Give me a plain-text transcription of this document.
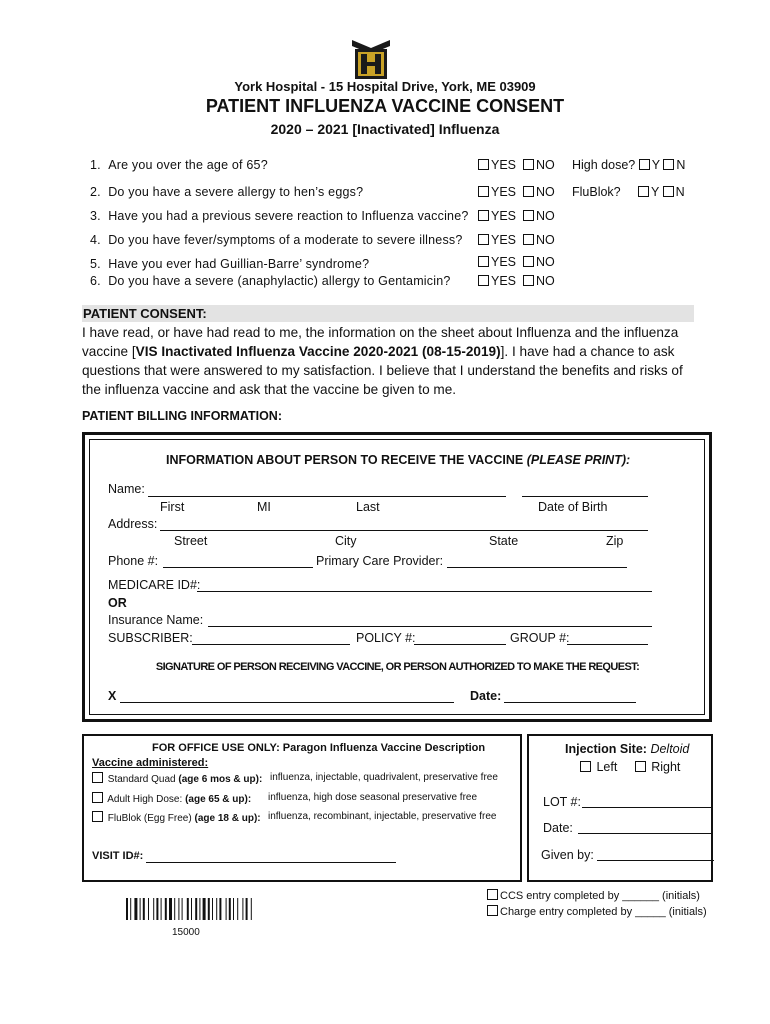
York Hospital - 15 Hospital Drive, York, ME 03909
PATIENT INFLUENZA VACCINE CONSENT
2020 – 2021 [Inactivated] Influenza
1. Are you over the age of 65?	YES NO High dose? Y N
2. Do you have a severe allergy to hen’s eggs?	YES NO FluBlok? Y N
3. Have you had a previous severe reaction to Influenza vaccine?	YES NO
4. Do you have fever/symptoms of a moderate to severe illness?	YES NO
5. Have you ever had Guillian-Barre’ syndrome?	YES NO
6. Do you have a severe (anaphylactic) allergy to Gentamicin?	YES NO
PATIENT CONSENT:
I have read, or have had read to me, the information on the sheet about Influenza and the influenza vaccine [VIS Inactivated Influenza Vaccine 2020-2021 (08-15-2019)]. I have had a chance to ask questions that were answered to my satisfaction. I believe that I understand the benefits and risks of the influenza vaccine and ask that the vaccine be given to me.
PATIENT BILLING INFORMATION:
INFORMATION ABOUT PERSON TO RECEIVE THE VACCINE (PLEASE PRINT):
Name:
First	MI	Last	Date of Birth
Address:
Street	City	State	Zip
Phone #:	Primary Care Provider:
MEDICARE ID#:
OR
Insurance Name:
SUBSCRIBER:	POLICY #:	GROUP #:
SIGNATURE OF PERSON RECEIVING VACCINE, OR PERSON AUTHORIZED TO MAKE THE REQUEST:
X	Date:
FOR OFFICE USE ONLY: Paragon Influenza Vaccine Description
Vaccine administered:
Standard Quad (age 6 mos & up): influenza, injectable, quadrivalent, preservative free
Adult High Dose: (age 65 & up): influenza, high dose seasonal preservative free
FluBlok (Egg Free) (age 18 & up): influenza, recombinant, injectable, preservative free
VISIT ID#:
Injection Site: Deltoid
Left	Right
LOT #:
Date:
Given by:
CCS entry completed by ______ (initials)
Charge entry completed by _____ (initials)
15000
